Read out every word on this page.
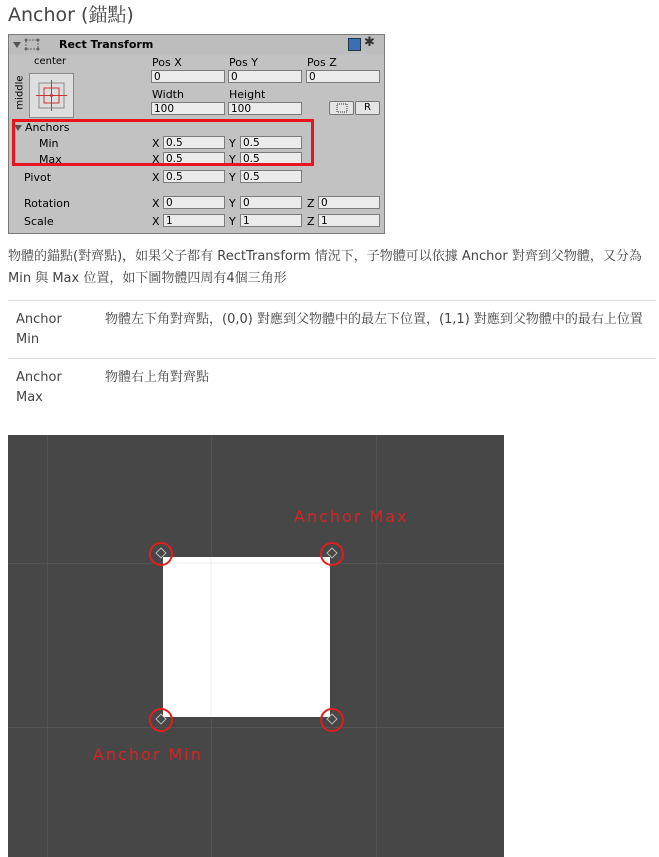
Anchor (錨點)
Rect Transform	✱
center
middle
Pos X	Pos Y	Pos Z
0	0	0
Width	Height
100	100	R
Anchors
Min	X 0.5	Y 0.5
Max	X 0.5	Y 0.5
Pivot	X 0.5	Y 0.5
Rotation	X 0	Y 0	Z 0
Scale	X 1	Y 1	Z 1
物體的錨點(對齊點)，如果父子都有 RectTransform 情況下，子物體可以依據 Anchor 對齊到父物體，又分為 Min 與 Max 位置，如下圖物體四周有4個三角形
Anchor Min
物體左下角對齊點，(0,0) 對應到父物體中的最左下位置，(1,1) 對應到父物體中的最右上位置
Anchor Max
物體右上角對齊點
Anchor Max
Anchor Min
